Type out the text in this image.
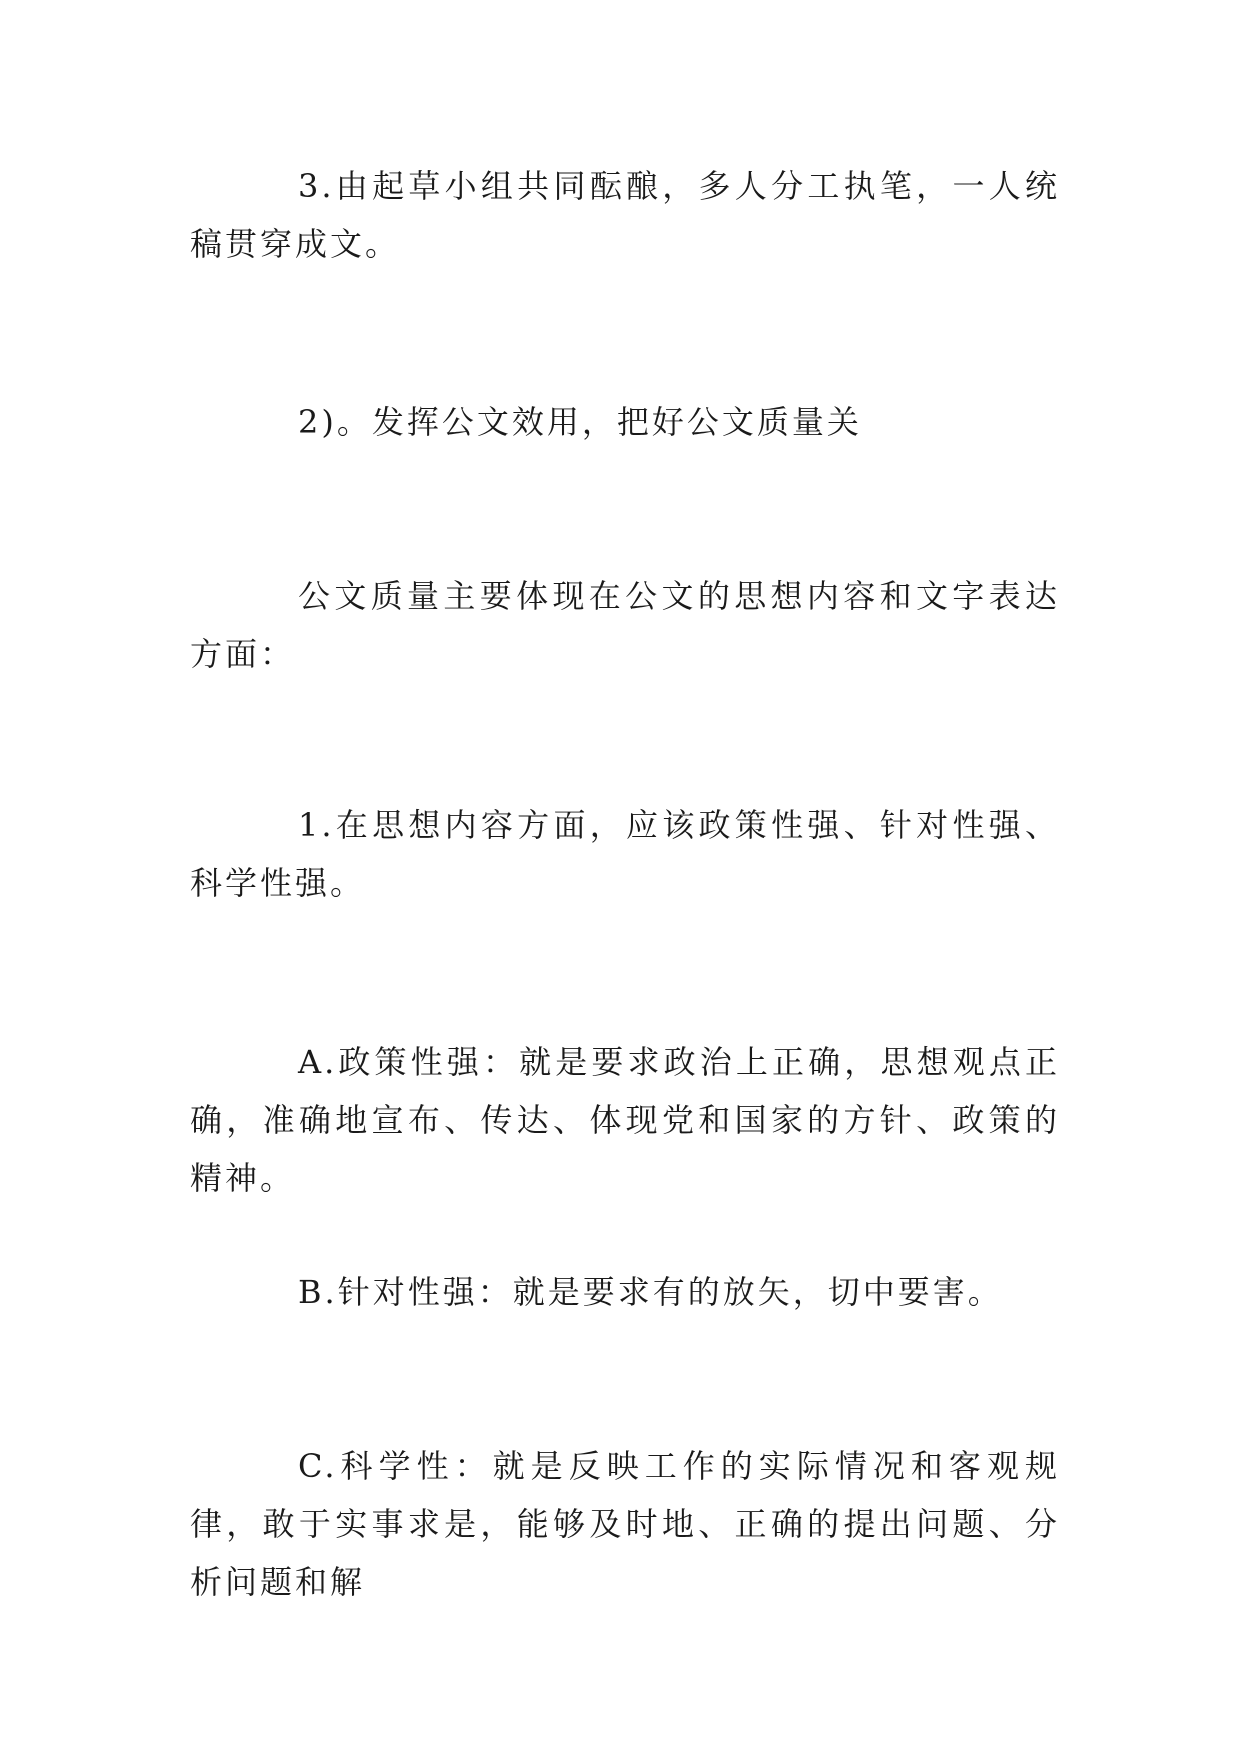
3.由起草小组共同酝酿，多人分工执笔，一人统稿贯穿成文。

2)。发挥公文效用，把好公文质量关

公文质量主要体现在公文的思想内容和文字表达方面：

1.在思想内容方面，应该政策性强、针对性强、科学性强。

A.政策性强：就是要求政治上正确，思想观点正确，准确地宣布、传达、体现党和国家的方针、政策的精神。

B.针对性强：就是要求有的放矢，切中要害。

C.科学性：就是反映工作的实际情况和客观规律，敢于实事求是，能够及时地、正确的提出问题、分析问题和解
